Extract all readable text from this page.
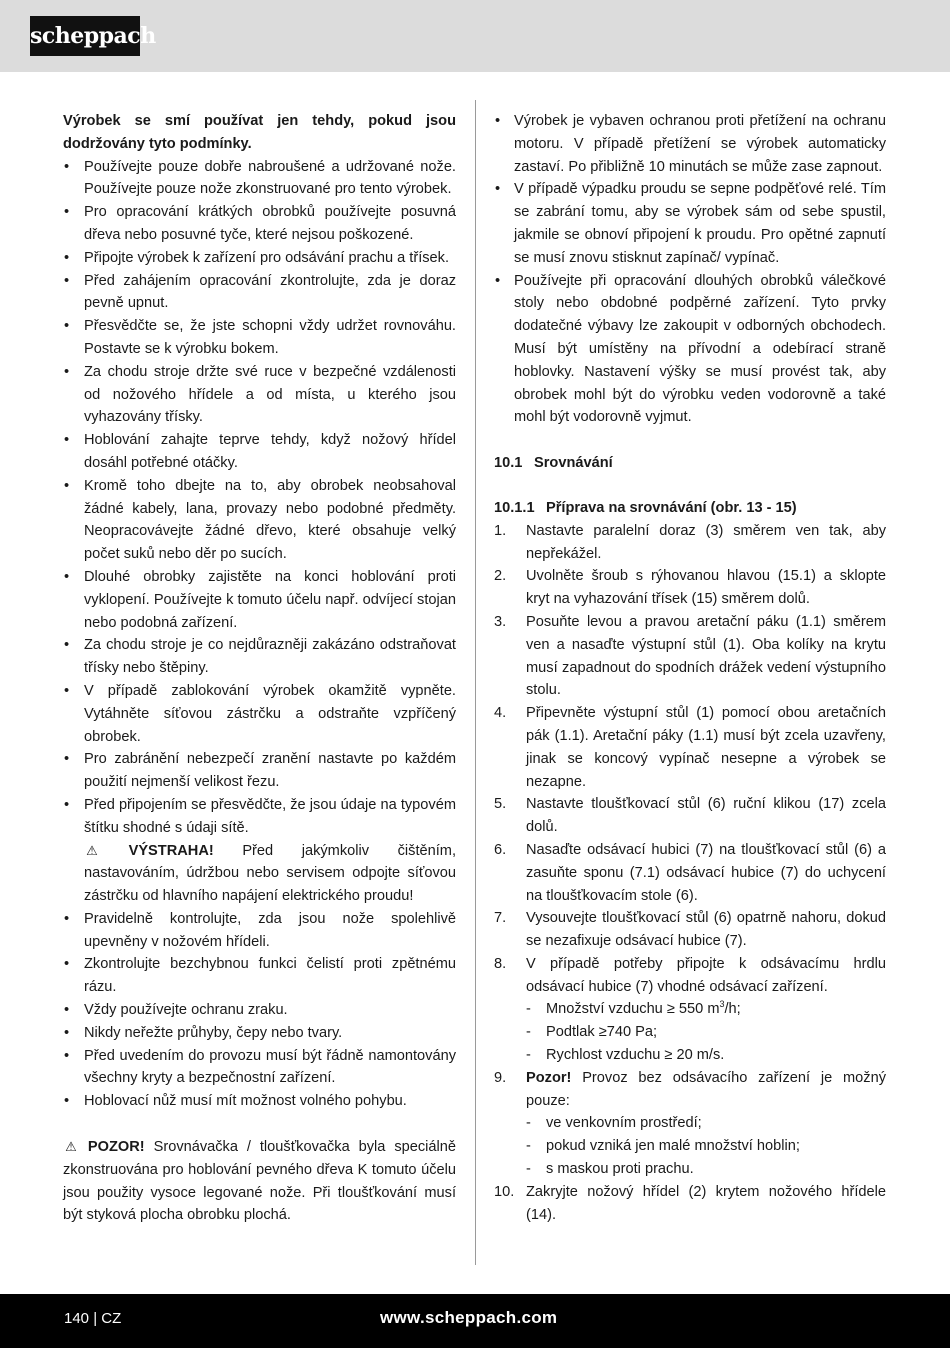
scheppach

Výrobek se smí používat jen tehdy, pokud jsou dodržovány tyto podmínky.

• Používejte pouze dobře nabroušené a udržované nože. Používejte pouze nože zkonstruované pro tento výrobek.
• Pro opracování krátkých obrobků používejte posuvná dřeva nebo posuvné tyče, které nejsou poškozené.
• Připojte výrobek k zařízení pro odsávání prachu a třísek.
• Před zahájením opracování zkontrolujte, zda je doraz pevně upnut.
• Přesvědčte se, že jste schopni vždy udržet rovnováhu. Postavte se k výrobku bokem.
• Za chodu stroje držte své ruce v bezpečné vzdálenosti od nožového hřídele a od místa, u kterého jsou vyhazovány třísky.
• Hoblování zahajte teprve tehdy, když nožový hřídel dosáhl potřebné otáčky.
• Kromě toho dbejte na to, aby obrobek neobsahoval žádné kabely, lana, provazy nebo podobné předměty. Neopracovávejte žádné dřevo, které obsahuje velký počet suků nebo děr po sucích.
• Dlouhé obrobky zajistěte na konci hoblování proti vyklopení. Používejte k tomuto účelu např. odvíjecí stojan nebo podobná zařízení.
• Za chodu stroje je co nejdůrazněji zakázáno odstraňovat třísky nebo štěpiny.
• V případě zablokování výrobek okamžitě vypněte. Vytáhněte síťovou zástrčku a odstraňte vzpříčený obrobek.
• Pro zabránění nebezpečí zranění nastavte po každém použití nejmenší velikost řezu.
• Před připojením se přesvědčte, že jsou údaje na typovém štítku shodné s údaji sítě.
⚠ VÝSTRAHA! Před jakýmkoliv čištěním, nastavováním, údržbou nebo servisem odpojte síťovou zástrčku od hlavního napájení elektrického proudu!
• Pravidelně kontrolujte, zda jsou nože spolehlivě upevněny v nožovém hřídeli.
• Zkontrolujte bezchybnou funkci čelistí proti zpětnému rázu.
• Vždy používejte ochranu zraku.
• Nikdy neřežte průhyby, čepy nebo tvary.
• Před uvedením do provozu musí být řádně namontovány všechny kryty a bezpečnostní zařízení.
• Hoblovací nůž musí mít možnost volného pohybu.

⚠ POZOR! Srovnávačka / tloušťkovačka byla speciálně zkonstruována pro hoblování pevného dřeva K tomuto účelu jsou použity vysoce legované nože. Při tloušťkování musí být styková plocha obrobku plochá.

• Výrobek je vybaven ochranou proti přetížení na ochranu motoru. V případě přetížení se výrobek automaticky zastaví. Po přibližně 10 minutách se může zase zapnout.
• V případě výpadku proudu se sepne podpěťové relé. Tím se zabrání tomu, aby se výrobek sám od sebe spustil, jakmile se obnoví připojení k proudu. Pro opětné zapnutí se musí znovu stisknut zapínač/ vypínač.
• Používejte při opracování dlouhých obrobků válečkové stoly nebo obdobné podpěrné zařízení. Tyto prvky dodatečné výbavy lze zakoupit v odborných obchodech. Musí být umístěny na přívodní a odebírací straně hoblovky. Nastavení výšky se musí provést tak, aby obrobek mohl být do výrobku veden vodorovně a také mohl být vodorovně vyjmut.
10.1 Srovnávání
10.1.1 Příprava na srovnávání (obr. 13 - 15)
1. Nastavte paralelní doraz (3) směrem ven tak, aby nepřekážel.
2. Uvolněte šroub s rýhovanou hlavou (15.1) a sklopte kryt na vyhazování třísek (15) směrem dolů.
3. Posuňte levou a pravou aretační páku (1.1) směrem ven a nasaďte výstupní stůl (1). Oba kolíky na krytu musí zapadnout do spodních drážek vedení výstupního stolu.
4. Připevněte výstupní stůl (1) pomocí obou aretačních pák (1.1). Aretační páky (1.1) musí být zcela uzavřeny, jinak se koncový vypínač nesepne a výrobek se nezapne.
5. Nastavte tloušťkovací stůl (6) ruční klikou (17) zcela dolů.
6. Nasaďte odsávací hubici (7) na tloušťkovací stůl (6) a zasuňte sponu (7.1) odsávací hubice (7) do uchycení na tloušťkovacím stole (6).
7. Vysouvejte tloušťkovací stůl (6) opatrně nahoru, dokud se nezafixuje odsávací hubice (7).
8. V případě potřeby připojte k odsávacímu hrdlu odsávací hubice (7) vhodné odsávací zařízení.
- Množství vzduchu ≥ 550 $m^3/h$;
- Podtlak ≥740 Pa;
- Rychlost vzduchu ≥ 20 m/s.
9. Pozor! Provoz bez odsávacího zařízení je možný pouze:
- ve venkovním prostředí;
- pokud vzniká jen malé množství hoblin;
- s maskou proti prachu.
10. Zakryjte nožový hřídel (2) krytem nožového hřídele (14).
140 | CZ	www.scheppach.com
